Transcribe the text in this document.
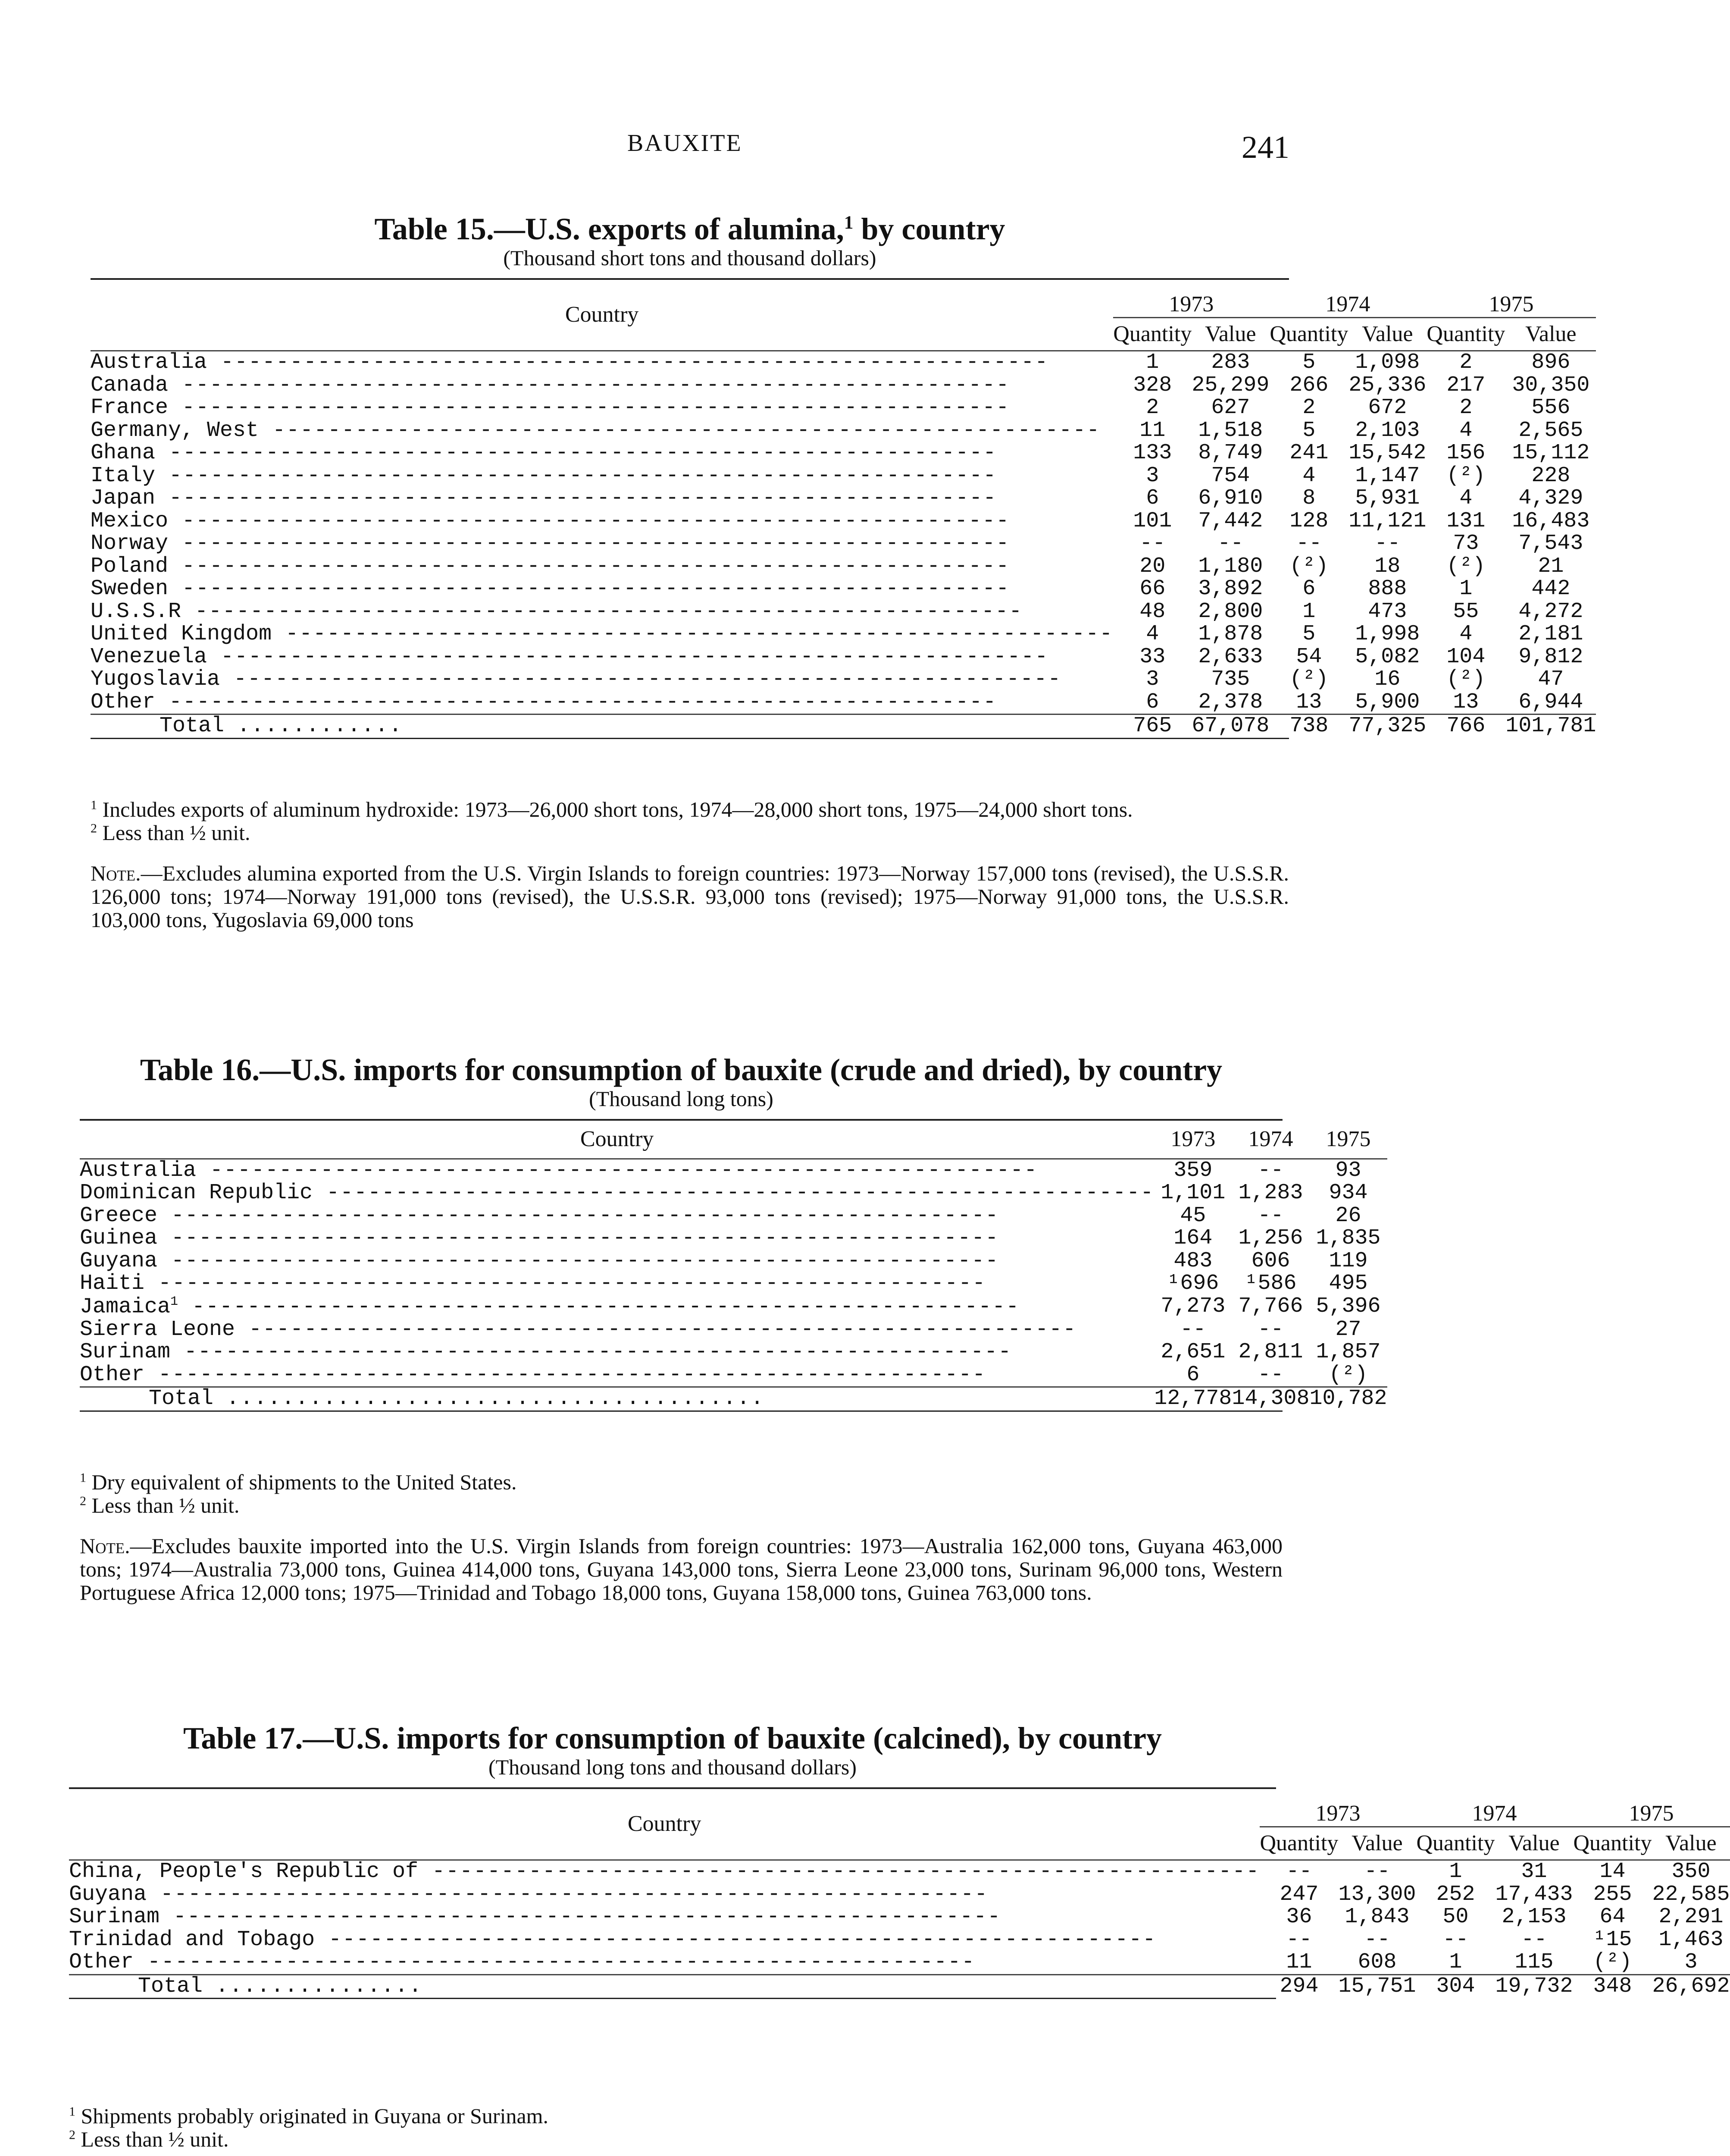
BAUXITE	241
Table 15.—U.S. exports of alumina,$^1$ by country
(Thousand short tons and thousand dollars)
Country	1973		1974		1975	
	Quantity	Value	Quantity	Value	Quantity	Value
Australia ------------------------------------------------------------	1	283	5	1,098	2	896
Canada ------------------------------------------------------------	328	25,299	266	25,336	217	30,350
France ------------------------------------------------------------	2	627	2	672	2	556
Germany, West ------------------------------------------------------------	11	1,518	5	2,103	4	2,565
Ghana ------------------------------------------------------------	133	8,749	241	15,542	156	15,112
Italy ------------------------------------------------------------	3	754	4	1,147	(²)	228
Japan ------------------------------------------------------------	6	6,910	8	5,931	4	4,329
Mexico ------------------------------------------------------------	101	7,442	128	11,121	131	16,483
Norway ------------------------------------------------------------	--	--	--	--	73	7,543
Poland ------------------------------------------------------------	20	1,180	(²)	18	(²)	21
Sweden ------------------------------------------------------------	66	3,892	6	888	1	442
U.S.S.R ------------------------------------------------------------	48	2,800	1	473	55	4,272
United Kingdom ------------------------------------------------------------	4	1,878	5	1,998	4	2,181
Venezuela ------------------------------------------------------------	33	2,633	54	5,082	104	9,812
Yugoslavia ------------------------------------------------------------	3	735	(²)	16	(²)	47
Other ------------------------------------------------------------	6	2,378	13	5,900	13	6,944
Total ............	765	67,078	738	77,325	766	101,781

$^1$ Includes exports of aluminum hydroxide: 1973—26,000 short tons, 1974—28,000 short tons, 1975—24,000 short tons.

$^2$ Less than ½ unit.

Note.—Excludes alumina exported from the U.S. Virgin Islands to foreign countries: 1973—Norway 157,000 tons (revised), the U.S.S.R. 126,000 tons; 1974—Norway 191,000 tons (revised), the U.S.S.R. 93,000 tons (revised); 1975—Norway 91,000 tons, the U.S.S.R. 103,000 tons, Yugoslavia 69,000 tons

Table 16.—U.S. imports for consumption of bauxite (crude and dried), by country
(Thousand long tons)
Country	1973	1974	1975
Australia ------------------------------------------------------------	359	--	93
Dominican Republic ------------------------------------------------------------	1,101	1,283	934
Greece ------------------------------------------------------------	45	--	26
Guinea ------------------------------------------------------------	164	1,256	1,835
Guyana ------------------------------------------------------------	483	606	119
Haiti ------------------------------------------------------------	¹696	¹586	495
Jamaica$^1$ ------------------------------------------------------------	7,273	7,766	5,396
Sierra Leone ------------------------------------------------------------	--	--	27
Surinam ------------------------------------------------------------	2,651	2,811	1,857
Other ------------------------------------------------------------	6	--	(²)
Total .......................................	12,778	14,308	10,782

$^1$ Dry equivalent of shipments to the United States.

$^2$ Less than ½ unit.

Note.—Excludes bauxite imported into the U.S. Virgin Islands from foreign countries: 1973—Australia 162,000 tons, Guyana 463,000 tons; 1974—Australia 73,000 tons, Guinea 414,000 tons, Guyana 143,000 tons, Sierra Leone 23,000 tons, Surinam 96,000 tons, Western Portuguese Africa 12,000 tons; 1975—Trinidad and Tobago 18,000 tons, Guyana 158,000 tons, Guinea 763,000 tons.

Table 17.—U.S. imports for consumption of bauxite (calcined), by country
(Thousand long tons and thousand dollars)
Country	1973		1974		1975	
	Quantity	Value	Quantity	Value	Quantity	Value
China, People's Republic of ------------------------------------------------------------	--	--	1	31	14	350
Guyana ------------------------------------------------------------	247	13,300	252	17,433	255	22,585
Surinam ------------------------------------------------------------	36	1,843	50	2,153	64	2,291
Trinidad and Tobago ------------------------------------------------------------	--	--	--	--	¹15	1,463
Other ------------------------------------------------------------	11	608	1	115	(²)	3
Total ...............	294	15,751	304	19,732	348	26,692

$^1$ Shipments probably originated in Guyana or Surinam.

$^2$ Less than ½ unit.
